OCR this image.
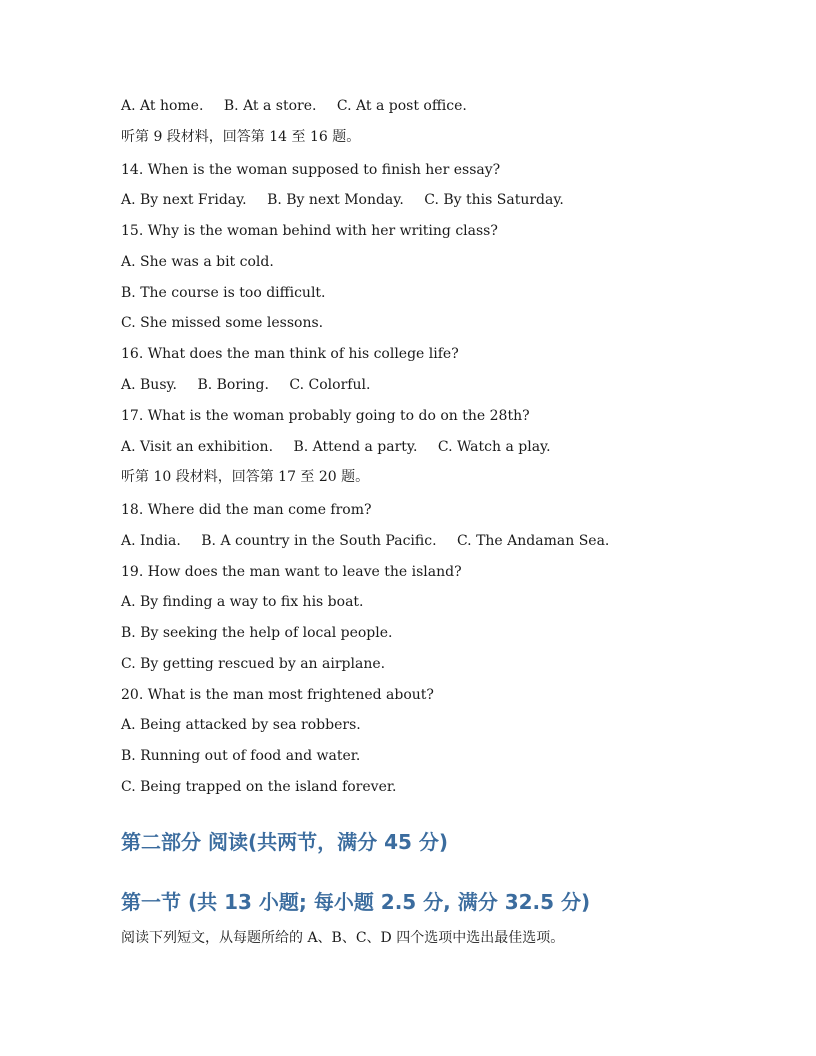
A. At home. B. At a store. C. At a post office.
听第 9 段材料，回答第 14 至 16 题。
14. When is the woman supposed to finish her essay?
A. By next Friday. B. By next Monday. C. By this Saturday.
15. Why is the woman behind with her writing class?
A. She was a bit cold.
B. The course is too difficult.
C. She missed some lessons.
16. What does the man think of his college life?
A. Busy. B. Boring. C. Colorful.
17. What is the woman probably going to do on the 28th?
A. Visit an exhibition. B. Attend a party. C. Watch a play.
听第 10 段材料，回答第 17 至 20 题。
18. Where did the man come from?
A. India. B. A country in the South Pacific. C. The Andaman Sea.
19. How does the man want to leave the island?
A. By finding a way to fix his boat.
B. By seeking the help of local people.
C. By getting rescued by an airplane.
20. What is the man most frightened about?
A. Being attacked by sea robbers.
B. Running out of food and water.
C. Being trapped on the island forever.
第二部分 阅读(共两节，满分 45 分)
第一节 (共 13 小题; 每小题 2.5 分, 满分 32.5 分)
阅读下列短文，从每题所给的 A、B、C、D 四个选项中选出最佳选项。
